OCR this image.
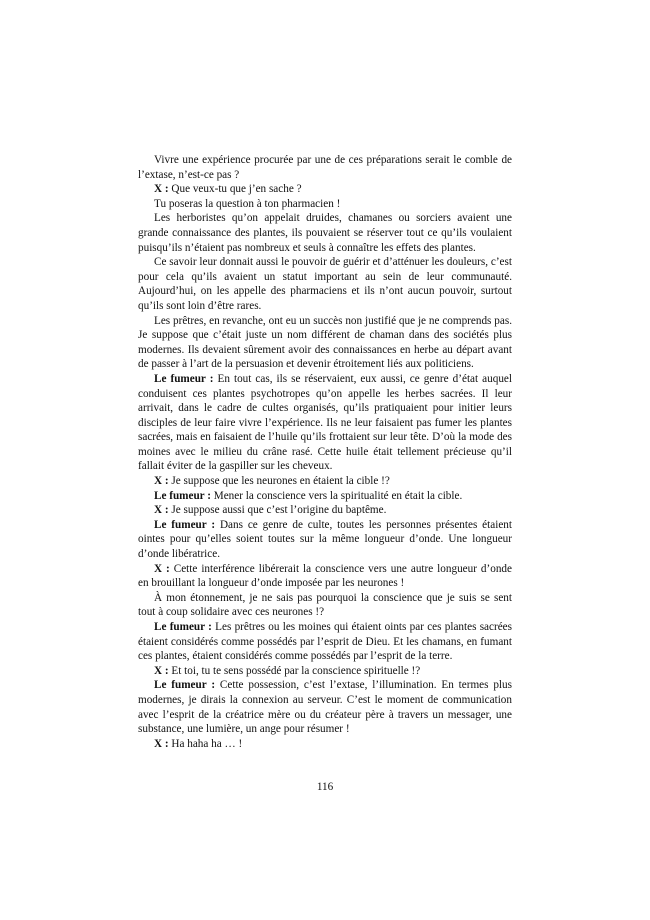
Vivre une expérience procurée par une de ces préparations serait le comble de l’extase, n’est-ce pas ?

X : Que veux-tu que j’en sache ?

Tu poseras la question à ton pharmacien !

Les herboristes qu’on appelait druides, chamanes ou sorciers avaient une grande connaissance des plantes, ils pouvaient se réserver tout ce qu’ils voulaient puisqu’ils n’étaient pas nombreux et seuls à connaître les effets des plantes.

Ce savoir leur donnait aussi le pouvoir de guérir et d’atténuer les douleurs, c’est pour cela qu’ils avaient un statut important au sein de leur communauté. Aujourd’hui, on les appelle des pharmaciens et ils n’ont aucun pouvoir, surtout qu’ils sont loin d’être rares.

Les prêtres, en revanche, ont eu un succès non justifié que je ne comprends pas. Je suppose que c’était juste un nom différent de chaman dans des sociétés plus modernes. Ils devaient sûrement avoir des connaissances en herbe au départ avant de passer à l’art de la persuasion et devenir étroitement liés aux politiciens.

Le fumeur : En tout cas, ils se réservaient, eux aussi, ce genre d’état auquel conduisent ces plantes psychotropes qu’on appelle les herbes sacrées. Il leur arrivait, dans le cadre de cultes organisés, qu’ils pratiquaient pour initier leurs disciples de leur faire vivre l’expérience. Ils ne leur faisaient pas fumer les plantes sacrées, mais en faisaient de l’huile qu’ils frottaient sur leur tête. D’où la mode des moines avec le milieu du crâne rasé. Cette huile était tellement précieuse qu’il fallait éviter de la gaspiller sur les cheveux.

X : Je suppose que les neurones en étaient la cible !?

Le fumeur : Mener la conscience vers la spiritualité en était la cible.

X : Je suppose aussi que c’est l’origine du baptême.

Le fumeur : Dans ce genre de culte, toutes les personnes présentes étaient ointes pour qu’elles soient toutes sur la même longueur d’onde. Une longueur d’onde libératrice.

X : Cette interférence libérerait la conscience vers une autre longueur d’onde en brouillant la longueur d’onde imposée par les neurones !

À mon étonnement, je ne sais pas pourquoi la conscience que je suis se sent tout à coup solidaire avec ces neurones !?

Le fumeur : Les prêtres ou les moines qui étaient oints par ces plantes sacrées étaient considérés comme possédés par l’esprit de Dieu. Et les chamans, en fumant ces plantes, étaient considérés comme possédés par l’esprit de la terre.

X : Et toi, tu te sens possédé par la conscience spirituelle !?

Le fumeur : Cette possession, c’est l’extase, l’illumination. En termes plus modernes, je dirais la connexion au serveur. C’est le moment de communication avec l’esprit de la créatrice mère ou du créateur père à travers un messager, une substance, une lumière, un ange pour résumer !

X : Ha haha ha … !

116
